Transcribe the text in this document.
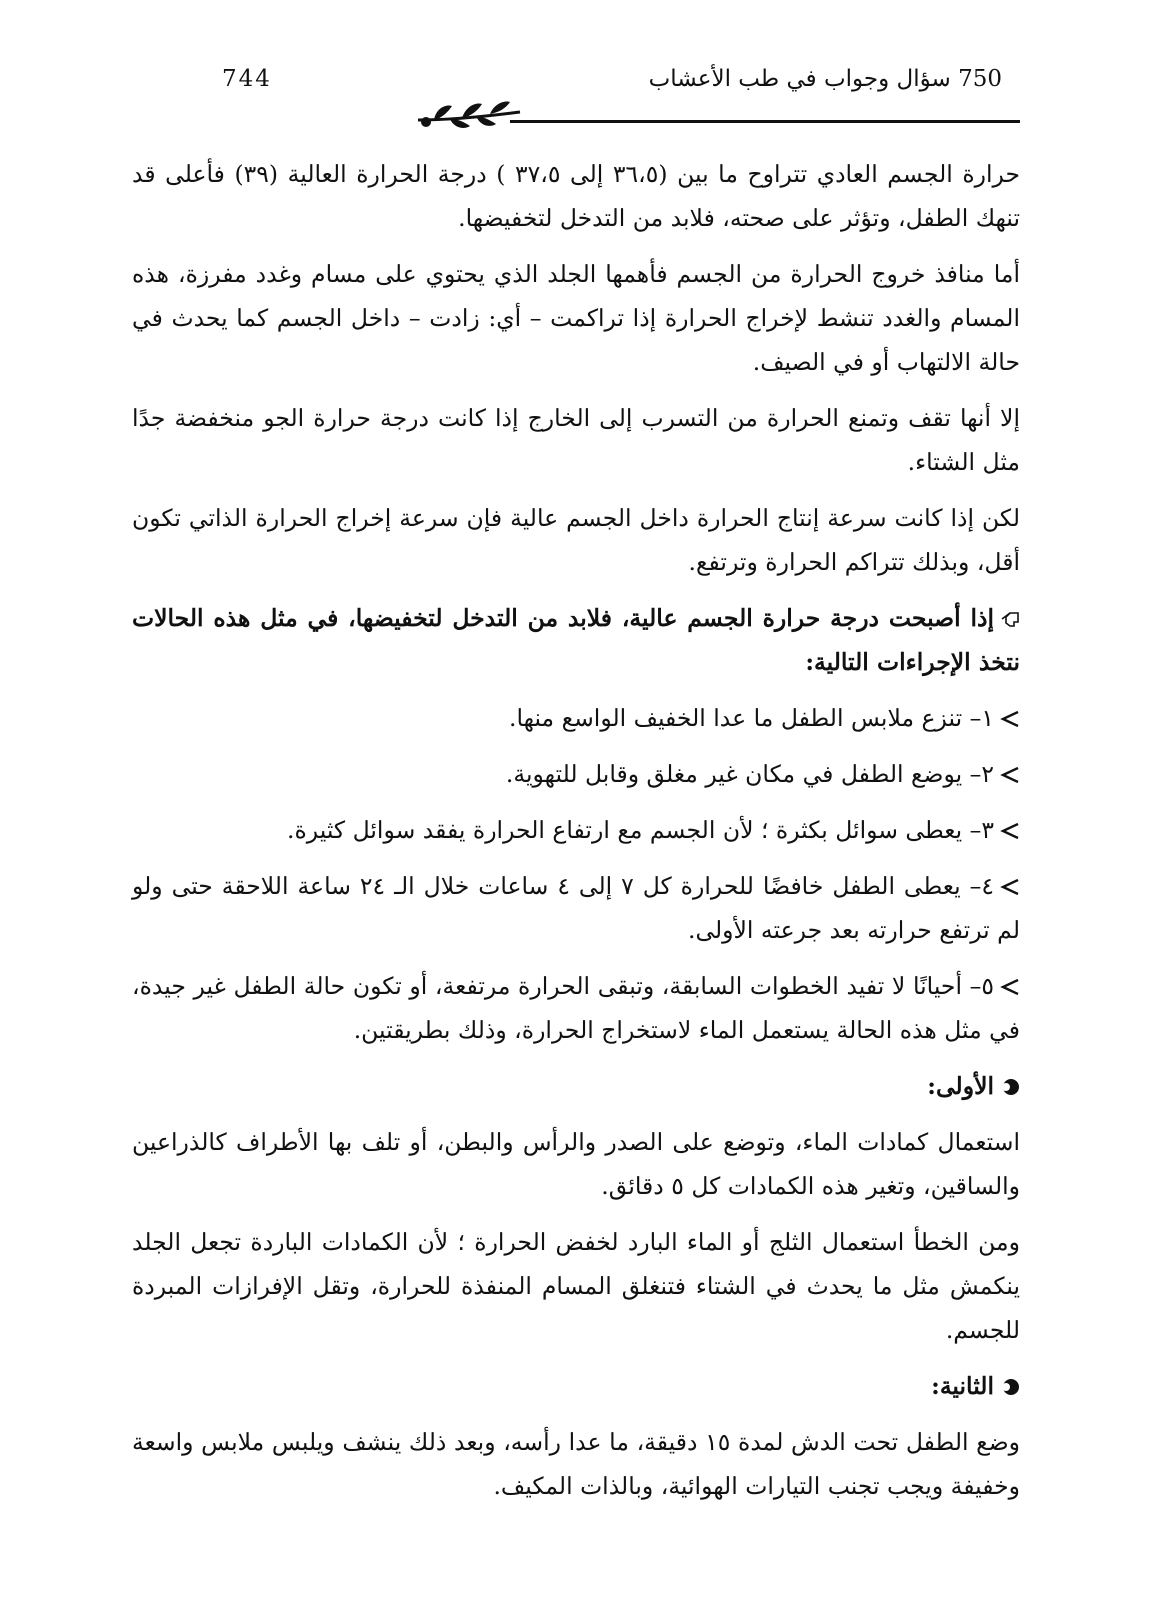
750 سؤال وجواب في طب الأعشاب
744

حرارة الجسم العادي تتراوح ما بين (٣٦،٥ إلى ٣٧،٥ ) درجة الحرارة العالية (٣٩) فأعلى قد تنهك الطفل، وتؤثر على صحته، فلابد من التدخل لتخفيضها.

أما منافذ خروج الحرارة من الجسم فأهمها الجلد الذي يحتوي على مسام وغدد مفرزة، هذه المسام والغدد تنشط لإخراج الحرارة إذا تراكمت – أي: زادت – داخل الجسم كما يحدث في حالة الالتهاب أو في الصيف.

إلا أنها تقف وتمنع الحرارة من التسرب إلى الخارج إذا كانت درجة حرارة الجو منخفضة جدًا مثل الشتاء.

لكن إذا كانت سرعة إنتاج الحرارة داخل الجسم عالية فإن سرعة إخراج الحرارة الذاتي تكون أقل، وبذلك تتراكم الحرارة وترتفع.

إذا أصبحت درجة حرارة الجسم عالية، فلابد من التدخل لتخفيضها، في مثل هذه الحالات نتخذ الإجراءات التالية:

١– تنزع ملابس الطفل ما عدا الخفيف الواسع منها.

٢– يوضع الطفل في مكان غير مغلق وقابل للتهوية.

٣– يعطى سوائل بكثرة ؛ لأن الجسم مع ارتفاع الحرارة يفقد سوائل كثيرة.

٤– يعطى الطفل خافضًا للحرارة كل ٧ إلى ٤ ساعات خلال الـ ٢٤ ساعة اللاحقة حتى ولو لم ترتفع حرارته بعد جرعته الأولى.

٥– أحيانًا لا تفيد الخطوات السابقة، وتبقى الحرارة مرتفعة، أو تكون حالة الطفل غير جيدة، في مثل هذه الحالة يستعمل الماء لاستخراج الحرارة، وذلك بطريقتين.

الأولى:

استعمال كمادات الماء، وتوضع على الصدر والرأس والبطن، أو تلف بها الأطراف كالذراعين والساقين، وتغير هذه الكمادات كل ٥ دقائق.

ومن الخطأ استعمال الثلج أو الماء البارد لخفض الحرارة ؛ لأن الكمادات الباردة تجعل الجلد ينكمش مثل ما يحدث في الشتاء فتنغلق المسام المنفذة للحرارة، وتقل الإفرازات المبردة للجسم.

الثانية:

وضع الطفل تحت الدش لمدة ١٥ دقيقة، ما عدا رأسه، وبعد ذلك ينشف ويلبس ملابس واسعة وخفيفة ويجب تجنب التيارات الهوائية، وبالذات المكيف.
